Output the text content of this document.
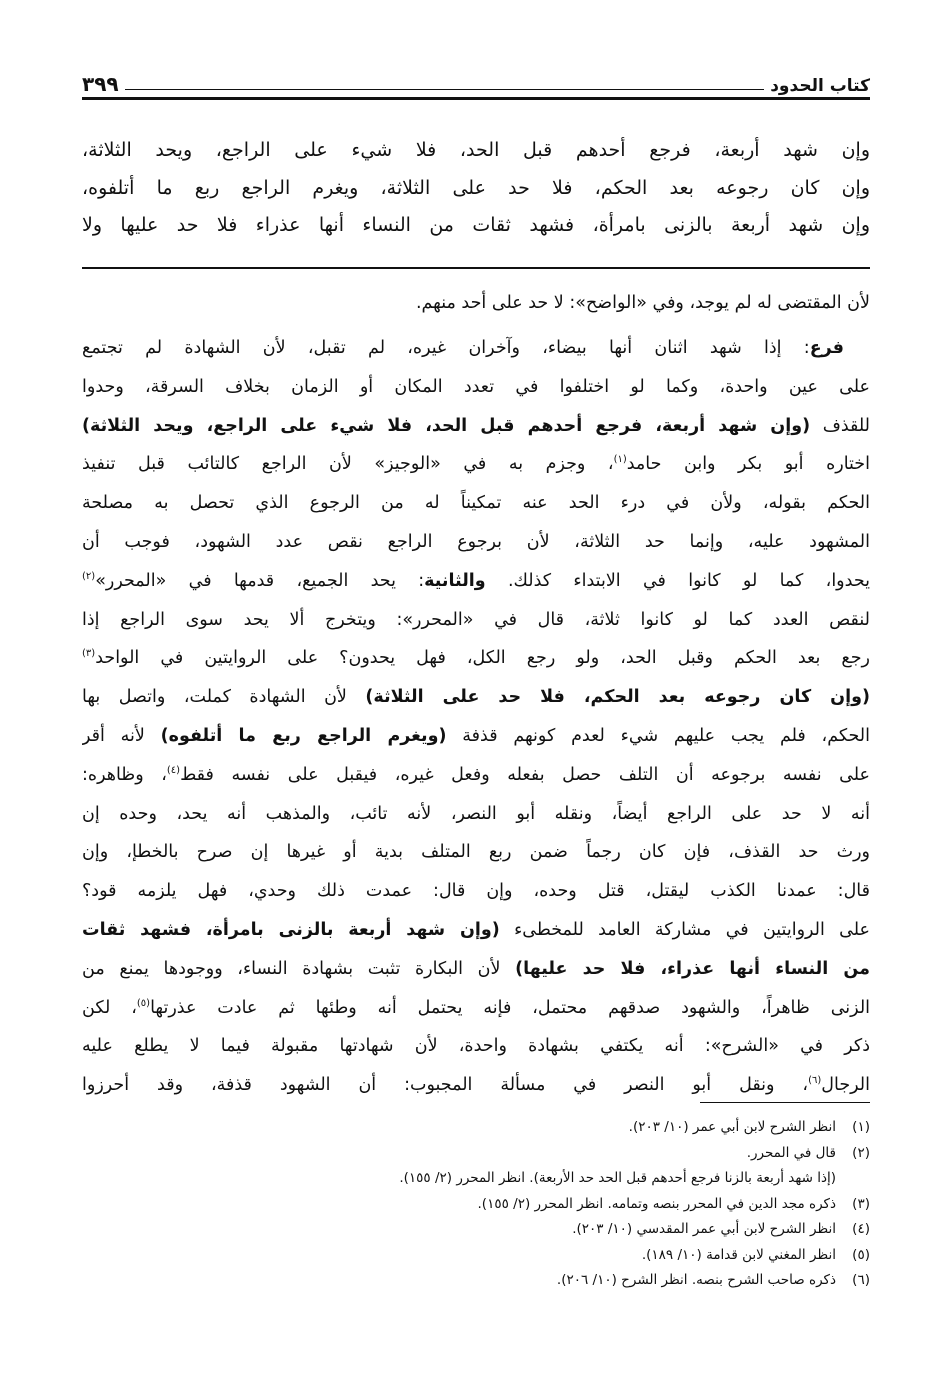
كتاب الحدود
٣٩٩
وإن شهد أربعة، فرجع أحدهم قبل الحد، فلا شيء على الراجع، ويحد الثلاثة،
وإن كان رجوعه بعد الحكم، فلا حد على الثلاثة، ويغرم الراجع ربع ما أتلفوه،
وإن شهد أربعة بالزنى بامرأة، فشهد ثقات من النساء أنها عذراء فلا حد عليها ولا
لأن المقتضى له لم يوجد، وفي «الواضح»: لا حد على أحد منهم.
فرع: إذا شهد اثنان أنها بيضاء، وآخران غيره، لم تقبل، لأن الشهادة لم تجتمع
على عين واحدة، وكما لو اختلفوا في تعدد المكان أو الزمان بخلاف السرقة، وحدوا
للقذف (وإن شهد أربعة، فرجع أحدهم قبل الحد، فلا شيء على الراجع، ويحد الثلاثة)
اختاره أبو بكر وابن حامد$^{(١)}$، وجزم به في «الوجيز» لأن الراجع كالتائب قبل تنفيذ
الحكم بقوله، ولأن في درء الحد عنه تمكيناً له من الرجوع الذي تحصل به مصلحة
المشهود عليه، وإنما حد الثلاثة، لأن برجوع الراجع نقص عدد الشهود، فوجب أن
يحدوا، كما لو كانوا في الابتداء كذلك. والثانية: يحد الجميع، قدمها في «المحرر»$^{(٢)}$
لنقص العدد كما لو كانوا ثلاثة، قال في «المحرر»: ويتخرج ألا يحد سوى الراجع إذا
رجع بعد الحكم وقبل الحد، ولو رجع الكل، فهل يحدون؟ على الروايتين في الواحد$^{(٣)}$
(وإن كان رجوعه بعد الحكم، فلا حد على الثلاثة) لأن الشهادة كملت، واتصل بها
الحكم، فلم يجب عليهم شيء لعدم كونهم قذفة (ويغرم الراجع ربع ما أتلفوه) لأنه أقر
على نفسه برجوعه أن التلف حصل بفعله وفعل غيره، فيقبل على نفسه فقط$^{(٤)}$، وظاهره:
أنه لا حد على الراجع أيضاً، ونقله أبو النصر، لأنه تائب، والمذهب أنه يحد، وحده إن
ورث حد القذف، فإن كان رجماً ضمن ربع المتلف بدية أو غيرها إن صرح بالخطإ، وإن
قال: عمدنا الكذب ليقتل، قتل وحده، وإن قال: عمدت ذلك وحدي، فهل يلزمه قود؟
على الروايتين في مشاركة العامد للمخطىء (وإن شهد أربعة بالزنى بامرأة، فشهد ثقات
من النساء أنها عذراء، فلا حد عليها) لأن البكارة تثبت بشهادة النساء، ووجودها يمنع من
الزنى ظاهراً، والشهود صدقهم محتمل، فإنه يحتمل أنه وطئها ثم عادت عذرتها$^{(٥)}$، لكن
ذكر في «الشرح»: أنه يكتفي بشهادة واحدة، لأن شهادتها مقبولة فيما لا يطلع عليه
الرجال$^{(٦)}$، ونقل أبو النصر في مسألة المجبوب: أن الشهود قذفة، وقد أحرزوا
(١)
انظر الشرح لابن أبي عمر (١٠/ ٢٠٣).
(٢)
قال في المحرر.
(إذا شهد أربعة بالزنا فرجع أحدهم قبل الحد حد الأربعة). انظر المحرر (٢/ ١٥٥).
(٣)
ذكره مجد الدين في المحرر بنصه وتمامه. انظر المحرر (٢/ ١٥٥).
(٤)
انظر الشرح لابن أبي عمر المقدسي (١٠/ ٢٠٣).
(٥)
انظر المغني لابن قدامة (١٠/ ١٨٩).
(٦)
ذكره صاحب الشرح بنصه. انظر الشرح (١٠/ ٢٠٦).
